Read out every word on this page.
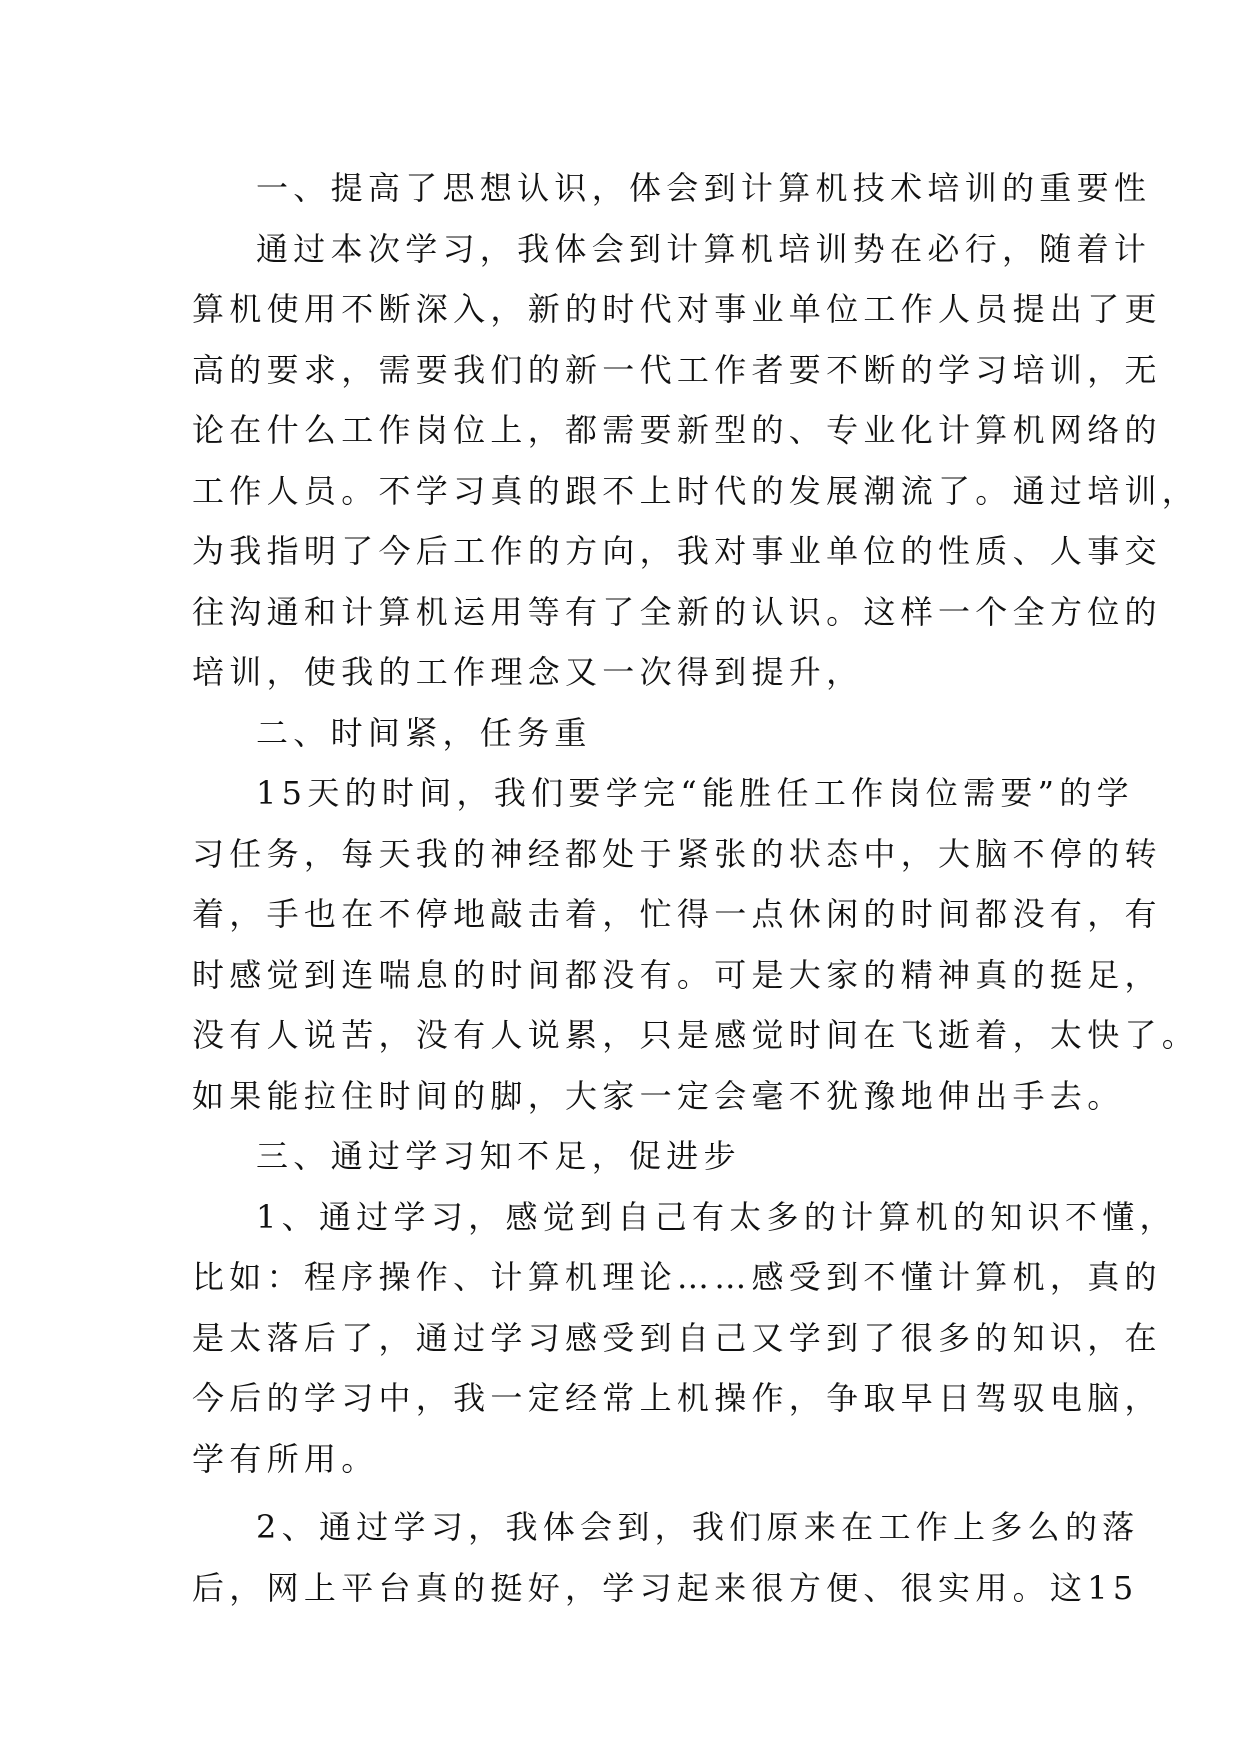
一、提高了思想认识，体会到计算机技术培训的重要性
通过本次学习，我体会到计算机培训势在必行，随着计
算机使用不断深入，新的时代对事业单位工作人员提出了更
高的要求，需要我们的新一代工作者要不断的学习培训，无
论在什么工作岗位上，都需要新型的、专业化计算机网络的
工作人员。不学习真的跟不上时代的发展潮流了。通过培训，
为我指明了今后工作的方向，我对事业单位的性质、人事交
往沟通和计算机运用等有了全新的认识。这样一个全方位的
培训，使我的工作理念又一次得到提升，
二、时间紧，任务重
15天的时间，我们要学完“能胜任工作岗位需要”的学
习任务，每天我的神经都处于紧张的状态中，大脑不停的转
着，手也在不停地敲击着，忙得一点休闲的时间都没有，有
时感觉到连喘息的时间都没有。可是大家的精神真的挺足，
没有人说苦，没有人说累，只是感觉时间在飞逝着，太快了。
如果能拉住时间的脚，大家一定会毫不犹豫地伸出手去。
三、通过学习知不足，促进步
1、通过学习，感觉到自己有太多的计算机的知识不懂，
比如：程序操作、计算机理论……感受到不懂计算机，真的
是太落后了，通过学习感受到自己又学到了很多的知识，在
今后的学习中，我一定经常上机操作，争取早日驾驭电脑，
学有所用。
2、通过学习，我体会到，我们原来在工作上多么的落
后，网上平台真的挺好，学习起来很方便、很实用。这15
